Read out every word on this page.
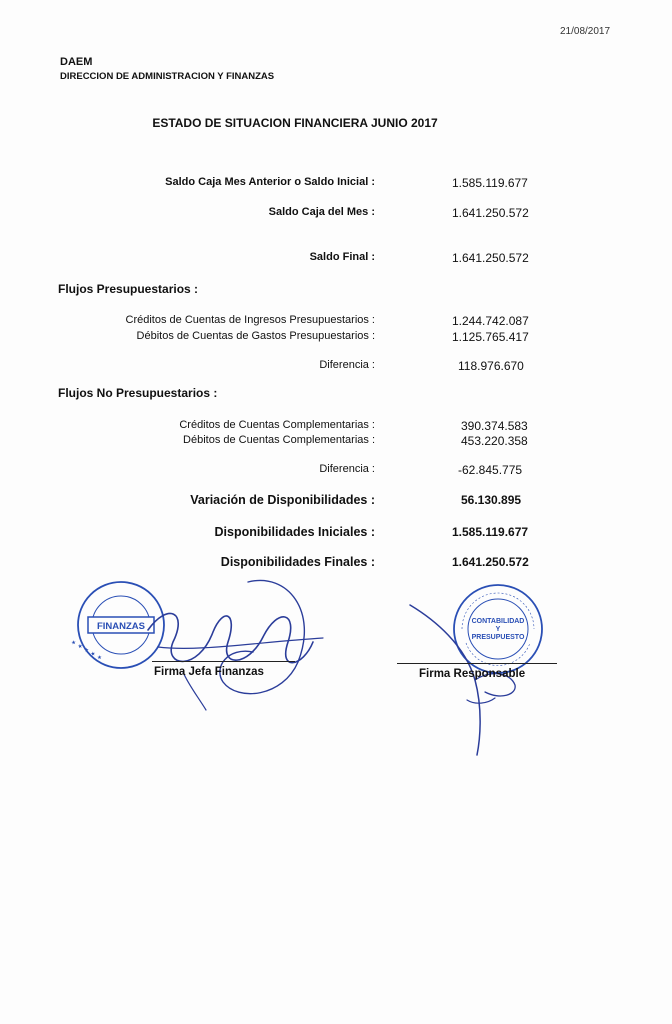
21/08/2017
DAEM
DIRECCION DE ADMINISTRACION Y FINANZAS
ESTADO DE SITUACION FINANCIERA JUNIO 2017
Saldo Caja Mes Anterior o Saldo Inicial :	1.585.119.677
Saldo Caja del Mes :	1.641.250.572
Saldo Final :	1.641.250.572
Flujos Presupuestarios :
Créditos de Cuentas de Ingresos Presupuestarios :	1.244.742.087
Débitos de Cuentas de Gastos Presupuestarios :	1.125.765.417
Diferencia :	118.976.670
Flujos No Presupuestarios :
Créditos de Cuentas Complementarias :	390.374.583
Débitos de Cuentas Complementarias :	453.220.358
Diferencia :	-62.845.775
Variación de Disponibilidades :	56.130.895
Disponibilidades Iniciales :	1.585.119.677
Disponibilidades Finales :	1.641.250.572
FINANZAS
★ ★ ★ ★ ★
CONTABILIDAD
Y
PRESUPUESTO
Firma Jefa Finanzas	Firma Responsable
